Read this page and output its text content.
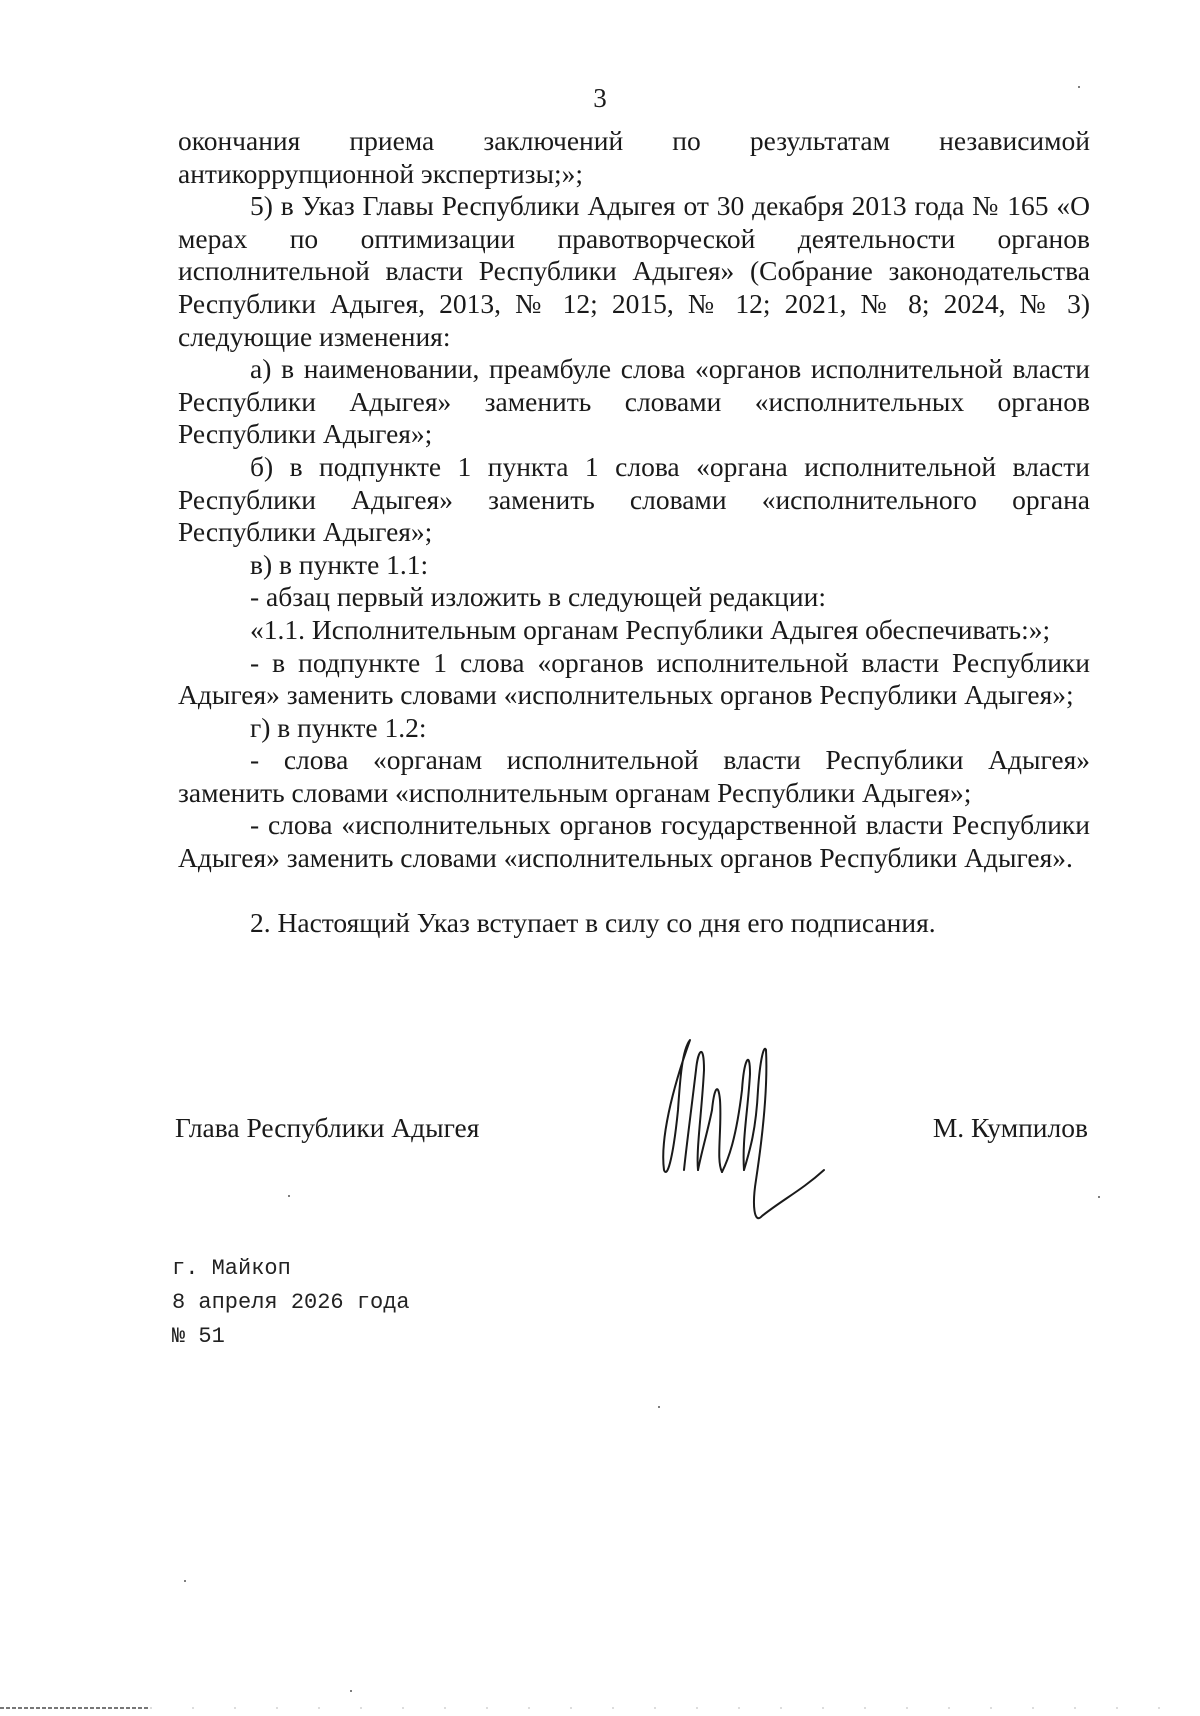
3

окончания приема заключений по результатам независимой антикоррупционной экспертизы;»;

5) в Указ Главы Республики Адыгея от 30 декабря 2013 года № 165 «О мерах по оптимизации правотворческой деятельности органов исполнительной власти Республики Адыгея» (Собрание законодательства Республики Адыгея, 2013, № 12; 2015, № 12; 2021, № 8; 2024, № 3) следующие изменения:

а) в наименовании, преамбуле слова «органов исполнительной власти Республики Адыгея» заменить словами «исполнительных органов Республики Адыгея»;

б) в подпункте 1 пункта 1 слова «органа исполнительной власти Республики Адыгея» заменить словами «исполнительного органа Республики Адыгея»;

в) в пункте 1.1:

- абзац первый изложить в следующей редакции:

«1.1. Исполнительным органам Республики Адыгея обеспечивать:»;

- в подпункте 1 слова «органов исполнительной власти Республики Адыгея» заменить словами «исполнительных органов Республики Адыгея»;

г) в пункте 1.2:

- слова «органам исполнительной власти Республики Адыгея» заменить словами «исполнительным органам Республики Адыгея»;

- слова «исполнительных органов государственной власти Республики Адыгея» заменить словами «исполнительных органов Республики Адыгея».

2. Настоящий Указ вступает в силу со дня его подписания.

Глава Республики Адыгея	М. Кумпилов
г. Майкоп
8 апреля 2026 года
№ 51
